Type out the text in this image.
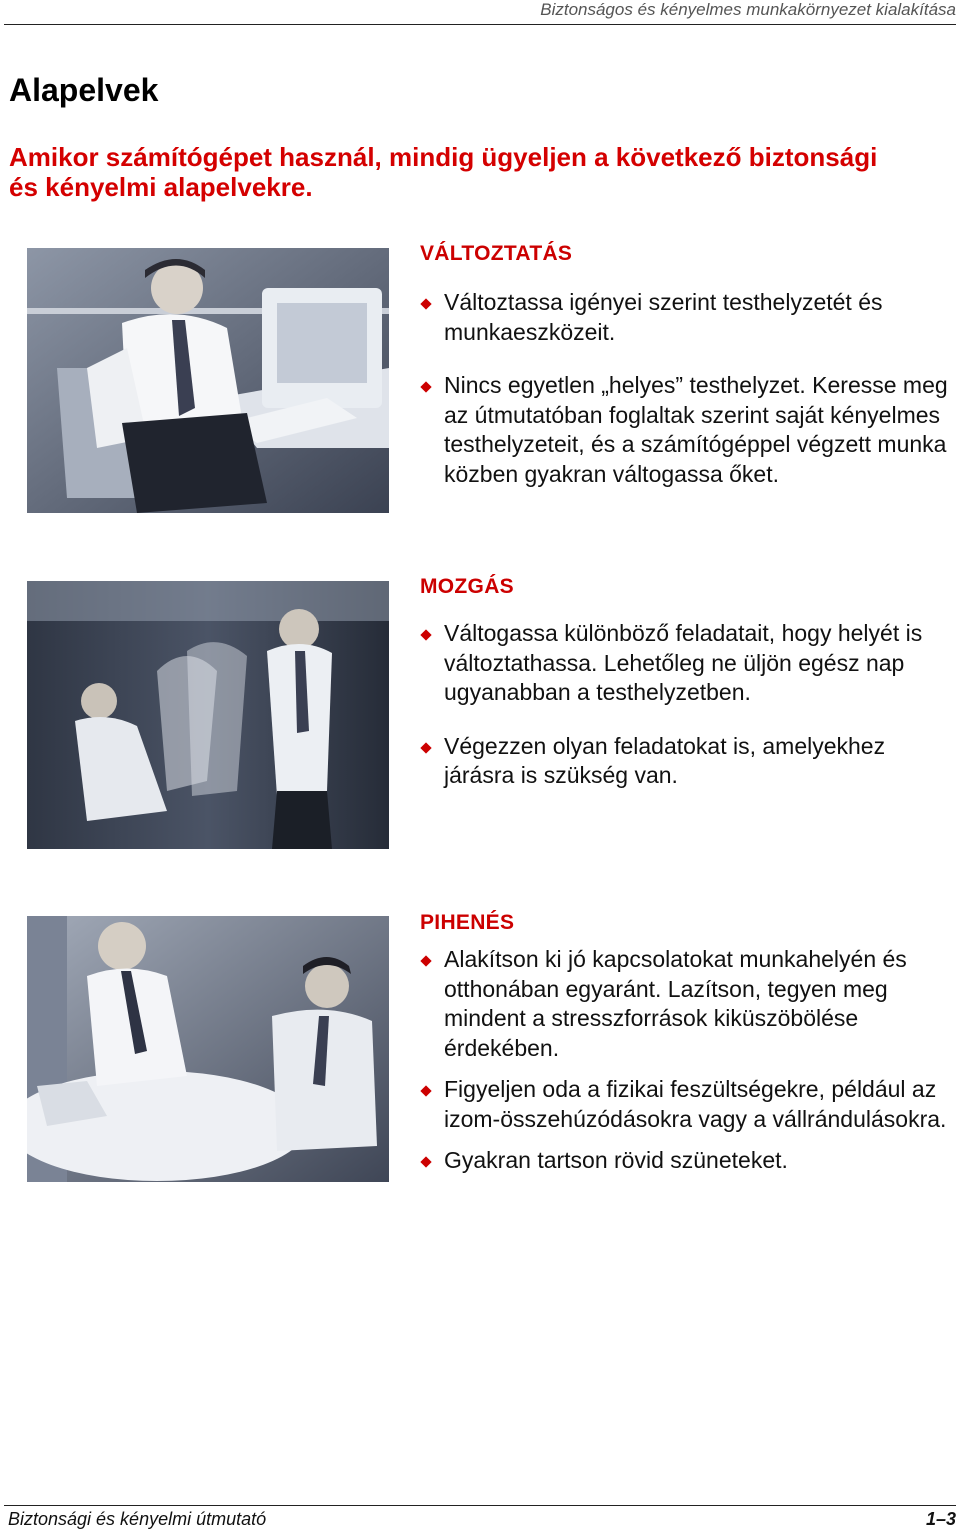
Biztonságos és kényelmes munkakörnyezet kialakítása
Alapelvek
Amikor számítógépet használ, mindig ügyeljen a következő biztonsági és kényelmi alapelvekre.
VÁLTOZTATÁS
Változtassa igényei szerint testhelyzetét és munkaeszközeit.
Nincs egyetlen „helyes” testhelyzet. Keresse meg az útmutatóban foglaltak szerint saját kényelmes testhelyzeteit, és a számítógéppel végzett munka közben gyakran váltogassa őket.
MOZGÁS
Váltogassa különböző feladatait, hogy helyét is változtathassa. Lehetőleg ne üljön egész nap ugyanabban a testhelyzetben.
Végezzen olyan feladatokat is, amelyekhez járásra is szükség van.
PIHENÉS
Alakítson ki jó kapcsolatokat munkahelyén és otthonában egyaránt. Lazítson, tegyen meg mindent a stresszforrások kiküszöbölése érdekében.
Figyeljen oda a fizikai feszültségekre, például az izom-összehúzódásokra vagy a vállrándulásokra.
Gyakran tartson rövid szüneteket.
Biztonsági és kényelmi útmutató	1–3
